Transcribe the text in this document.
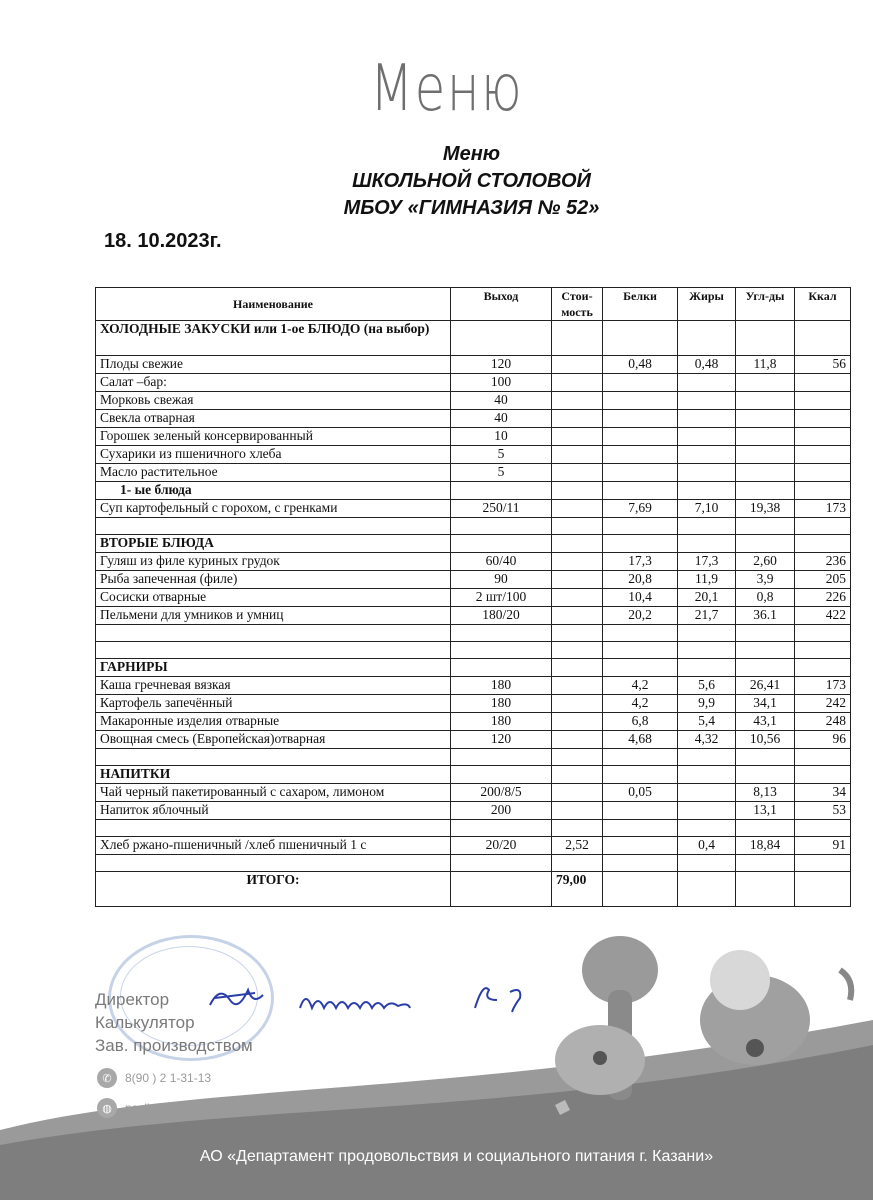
Меню
Меню
ШКОЛЬНОЙ СТОЛОВОЙ
МБОУ «ГИМНАЗИЯ № 52»
18. 10.2023г.
Наименование	Выход	Стои-мость	Белки	Жиры	Угл-ды	Ккал
ХОЛОДНЫЕ ЗАКУСКИ или 1-ое БЛЮДО (на выбор)						
Плоды свежие	120		0,48	0,48	11,8	56
Салат –бар:	100					
Морковь свежая	40					
Свекла отварная	40					
Горошек зеленый консервированный	10					
Сухарики из пшеничного хлеба	5					
Масло растительное	5					
1- ые блюда						
Суп картофельный с горохом, с гренками	250/11		7,69	7,10	19,38	173

ВТОРЫЕ БЛЮДА						
Гуляш из филе куриных грудок	60/40		17,3	17,3	2,60	236
Рыба запеченная (филе)	90		20,8	11,9	3,9	205
Сосиски отварные	2 шт/100		10,4	20,1	0,8	226
Пельмени для умников и умниц	180/20		20,2	21,7	36.1	422

ГАРНИРЫ						
Каша гречневая вязкая	180		4,2	5,6	26,41	173
Картофель запечённый	180		4,2	9,9	34,1	242
Макаронные изделия отварные	180		6,8	5,4	43,1	248
Овощная смесь (Европейская)отварная	120		4,68	4,32	10,56	96

НАПИТКИ						
Чай черный пакетированный с сахаром, лимоном	200/8/5		0,05		8,13	34
Напиток яблочный	200				13,1	53

Хлеб ржано-пшеничный /хлеб пшеничный 1 с	20/20	2,52		0,4	18,84	91

ИТОГО:		79,00				
Директор
Калькулятор
Зав. производством
✆	8(90 ) 2 1-31-13
◍	pcelisaretar.ru
АО «Департамент продовольствия и социального питания г. Казани»
